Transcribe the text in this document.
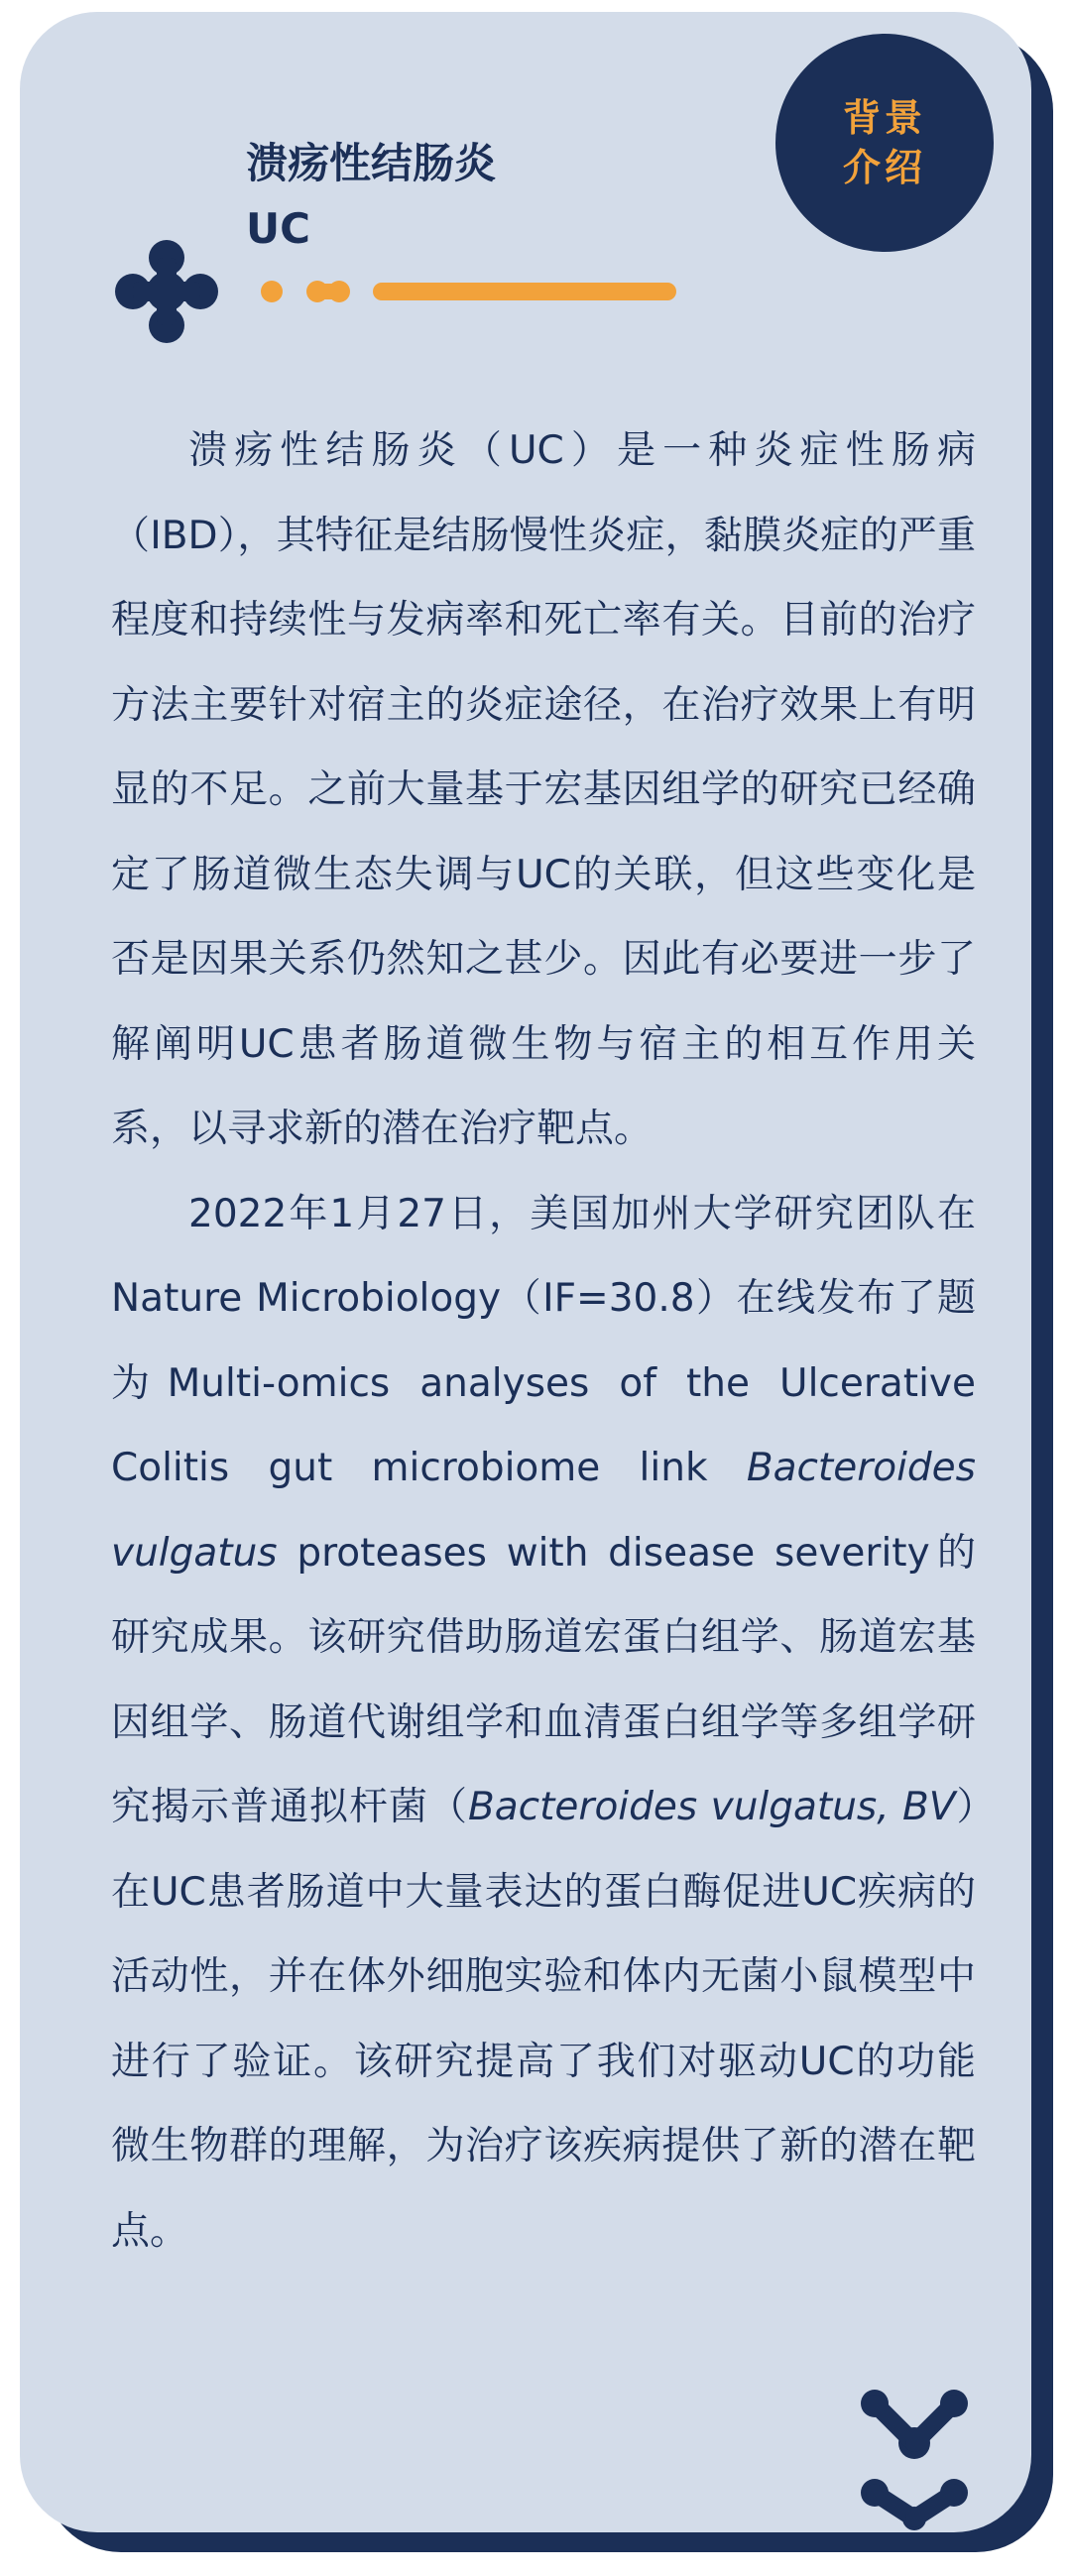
背景
介绍
溃疡性结肠炎
UC

溃疡性结肠炎（UC）是一种炎症性肠病（IBD），其特征是结肠慢性炎症，黏膜炎症的严重程度和持续性与发病率和死亡率有关。目前的治疗方法主要针对宿主的炎症途径，在治疗效果上有明显的不足。之前大量基于宏基因组学的研究已经确定了肠道微生态失调与UC的关联，但这些变化是否是因果关系仍然知之甚少。因此有必要进一步了解阐明UC患者肠道微生物与宿主的相互作用关系，以寻求新的潜在治疗靶点。

2022年1月27日，美国加州大学研究团队在Nature Microbiology（IF=30.8）在线发布了题为Multi-omics analyses of the Ulcerative Colitis gut microbiome link Bacteroides vulgatus proteases with disease severity的研究成果。该研究借助肠道宏蛋白组学、肠道宏基因组学、肠道代谢组学和血清蛋白组学等多组学研究揭示普通拟杆菌（Bacteroides vulgatus, BV）在UC患者肠道中大量表达的蛋白酶促进UC疾病的活动性，并在体外细胞实验和体内无菌小鼠模型中进行了验证。该研究提高了我们对驱动UC的功能微生物群的理解，为治疗该疾病提供了新的潜在靶点。
